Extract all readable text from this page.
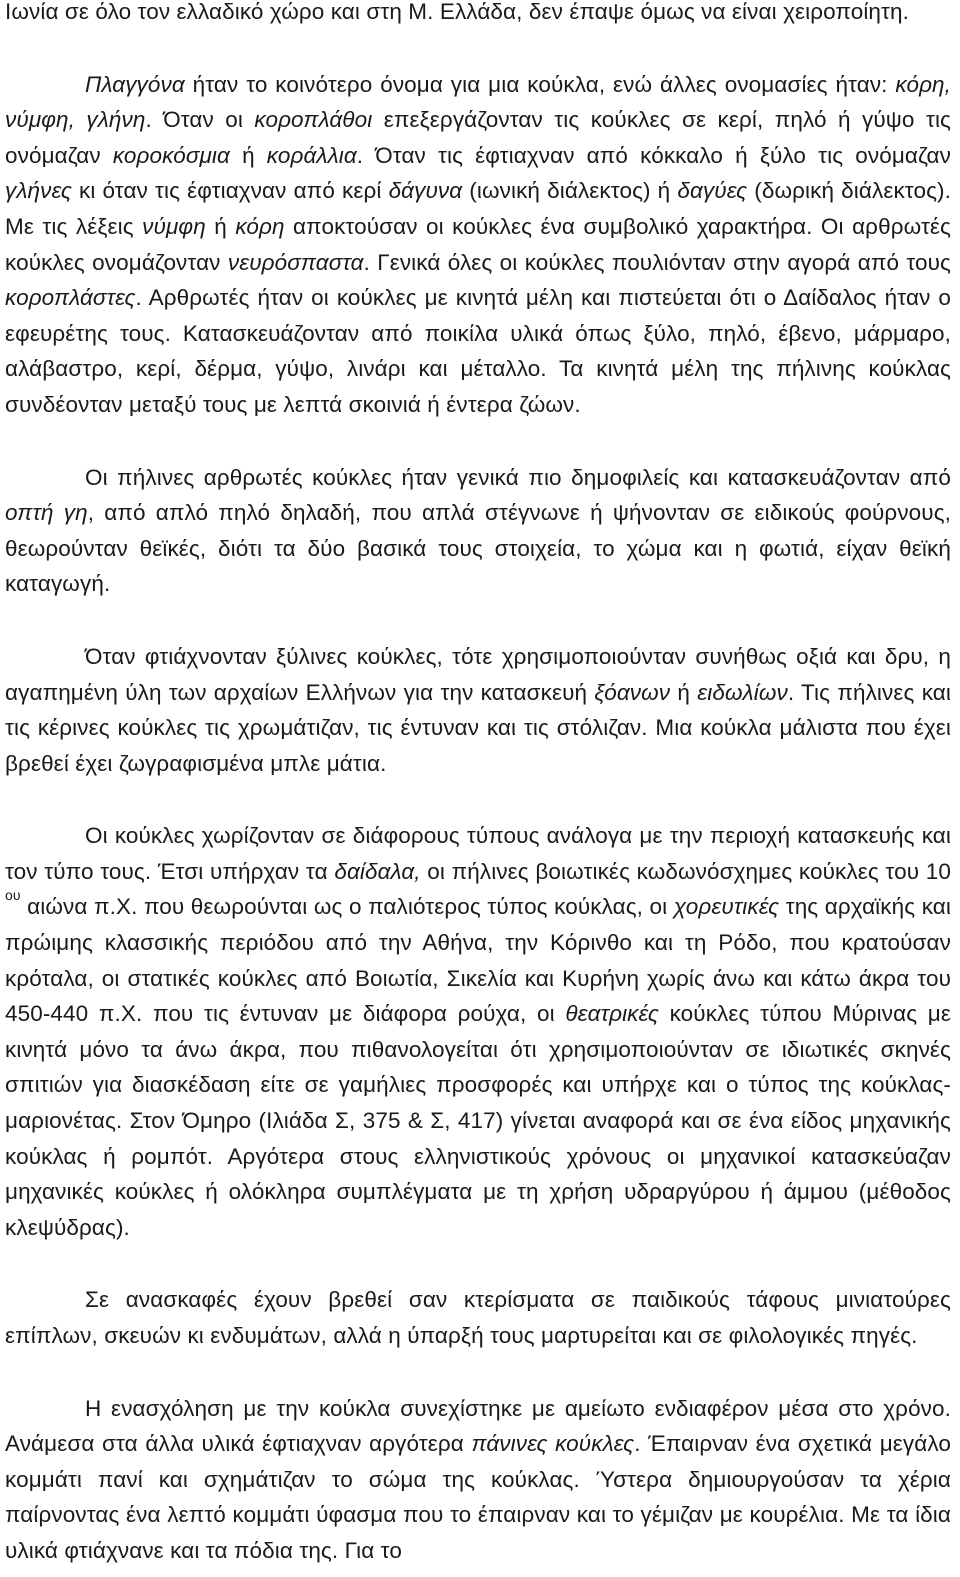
Ιωνία σε όλο τον ελλαδικό χώρο και στη Μ. Ελλάδα, δεν έπαψε όμως να είναι χειροποίητη.

Πλαγγόνα ήταν το κοινότερο όνομα για μια κούκλα, ενώ άλλες ονομασίες ήταν: κόρη, νύμφη, γλήνη. Όταν οι κοροπλάθοι επεξεργάζονταν τις κούκλες σε κερί, πηλό ή γύψο τις ονόμαζαν κοροκόσμια ή κοράλλια. Όταν τις έφτιαχναν από κόκκαλο ή ξύλο τις ονόμαζαν γλήνες κι όταν τις έφτιαχναν από κερί δάγυνα (ιωνική διάλεκτος) ή δαγύες (δωρική διάλεκτος). Με τις λέξεις νύμφη ή κόρη αποκτούσαν οι κούκλες ένα συμβολικό χαρακτήρα. Οι αρθρωτές κούκλες ονομάζονταν νευρόσπαστα. Γενικά όλες οι κούκλες πουλιόνταν στην αγορά από τους κοροπλάστες. Αρθρωτές ήταν οι κούκλες με κινητά μέλη και πιστεύεται ότι ο Δαίδαλος ήταν ο εφευρέτης τους. Κατασκευάζονταν από ποικίλα υλικά όπως ξύλο, πηλό, έβενο, μάρμαρο, αλάβαστρο, κερί, δέρμα, γύψο, λινάρι και μέταλλο. Τα κινητά μέλη της πήλινης κούκλας συνδέονταν μεταξύ τους με λεπτά σκοινιά ή έντερα ζώων.

Οι πήλινες αρθρωτές κούκλες ήταν γενικά πιο δημοφιλείς και κατασκευάζονταν από οπτή γη, από απλό πηλό δηλαδή, που απλά στέγνωνε ή ψήνονταν σε ειδικούς φούρνους, θεωρούνταν θεϊκές, διότι τα δύο βασικά τους στοιχεία, το χώμα και η φωτιά, είχαν θεϊκή καταγωγή.

Όταν φτιάχνονταν ξύλινες κούκλες, τότε χρησιμοποιούνταν συνήθως οξιά και δρυ, η αγαπημένη ύλη των αρχαίων Ελλήνων για την κατασκευή ξόανων ή ειδωλίων. Τις πήλινες και τις κέρινες κούκλες τις χρωμάτιζαν, τις έντυναν και τις στόλιζαν. Μια κούκλα μάλιστα που έχει βρεθεί έχει ζωγραφισμένα μπλε μάτια.

Οι κούκλες χωρίζονταν σε διάφορους τύπους ανάλογα με την περιοχή κατασκευής και τον τύπο τους. Έτσι υπήρχαν τα δαίδαλα, οι πήλινες βοιωτικές κωδωνόσχημες κούκλες του 10 $^{o\upsilon}$ αιώνα π.Χ. που θεωρούνται ως ο παλιότερος τύπος κούκλας, οι χορευτικές της αρχαϊκής και πρώιμης κλασσικής περιόδου από την Αθήνα, την Κόρινθο και τη Ρόδο, που κρατούσαν κρόταλα, οι στατικές κούκλες από Βοιωτία, Σικελία και Κυρήνη χωρίς άνω και κάτω άκρα του 450-440 π.Χ. που τις έντυναν με διάφορα ρούχα, οι θεατρικές κούκλες τύπου Μύρινας με κινητά μόνο τα άνω άκρα, που πιθανολογείται ότι χρησιμοποιούνταν σε ιδιωτικές σκηνές σπιτιών για διασκέδαση είτε σε γαμήλιες προσφορές και υπήρχε και ο τύπος της κούκλας-μαριονέτας. Στον Όμηρο (Ιλιάδα Σ, 375 & Σ, 417) γίνεται αναφορά και σε ένα είδος μηχανικής κούκλας ή ρομπότ. Αργότερα στους ελληνιστικούς χρόνους οι μηχανικοί κατασκεύαζαν μηχανικές κούκλες ή ολόκληρα συμπλέγματα με τη χρήση υδραργύρου ή άμμου (μέθοδος κλεψύδρας).

Σε ανασκαφές έχουν βρεθεί σαν κτερίσματα σε παιδικούς τάφους μινιατούρες επίπλων, σκευών κι ενδυμάτων, αλλά η ύπαρξή τους μαρτυρείται και σε φιλολογικές πηγές.

Η ενασχόληση με την κούκλα συνεχίστηκε με αμείωτο ενδιαφέρον μέσα στο χρόνο. Ανάμεσα στα άλλα υλικά έφτιαχναν αργότερα πάνινες κούκλες. Έπαιρναν ένα σχετικά μεγάλο κομμάτι πανί και σχημάτιζαν το σώμα της κούκλας. Ύστερα δημιουργούσαν τα χέρια παίρνοντας ένα λεπτό κομμάτι ύφασμα που το έπαιρναν και το γέμιζαν με κουρέλια. Με τα ίδια υλικά φτιάχνανε και τα πόδια της. Για το
